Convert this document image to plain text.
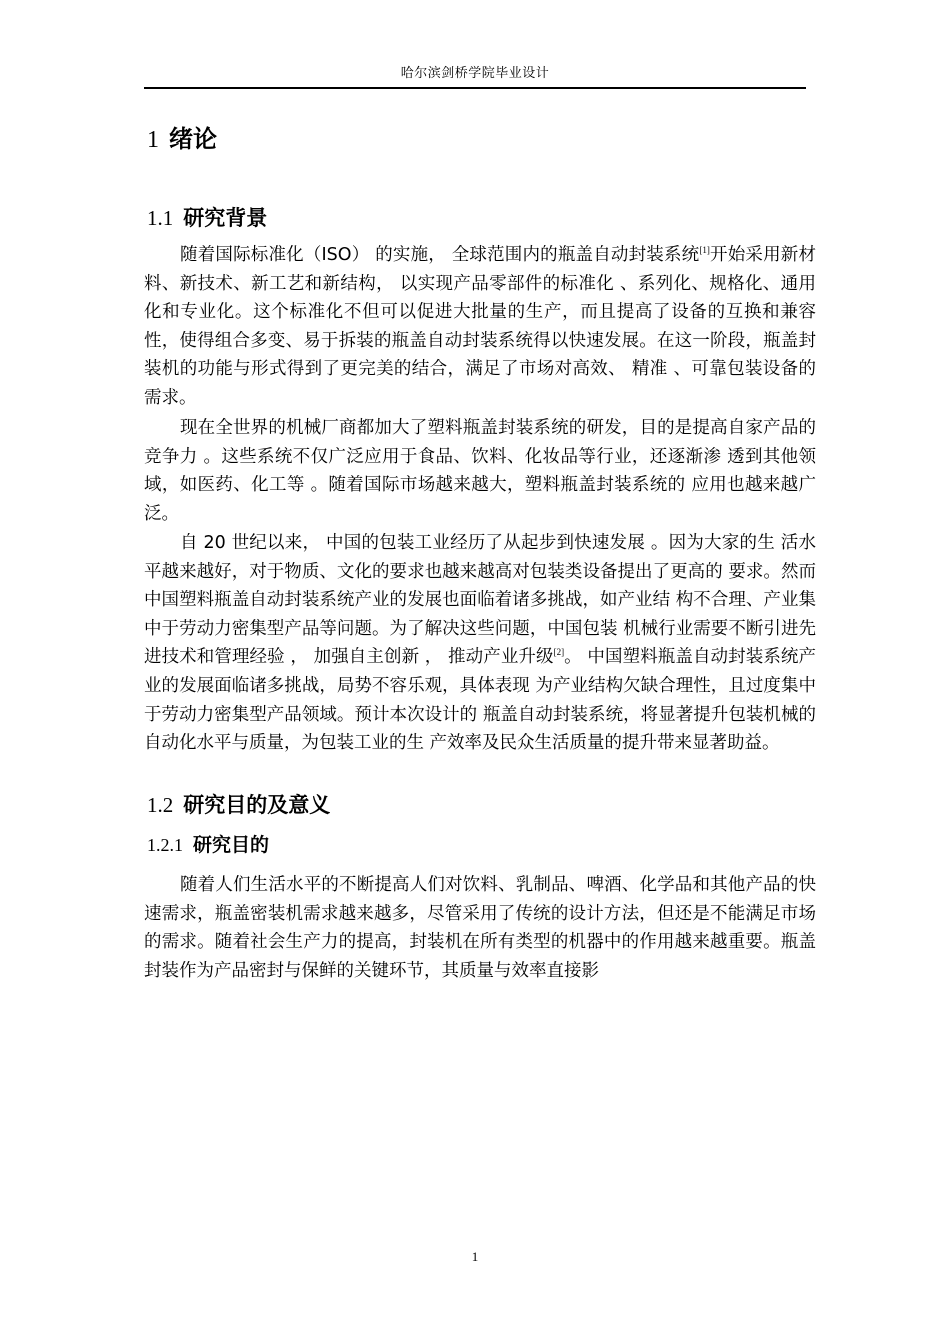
哈尔滨剑桥学院毕业设计
1 绪论
1.1 研究背景

随着国际标准化（ISO） 的实施， 全球范围内的瓶盖自动封装系统[1]开始采用新材料、新技术、新工艺和新结构， 以实现产品零部件的标准化 、系列化、规格化、通用化和专业化。这个标准化不但可以促进大批量的生产，而且提高了设备的互换和兼容性，使得组合多变、易于拆装的瓶盖自动封装系统得以快速发展。在这一阶段，瓶盖封装机的功能与形式得到了更完美的结合，满足了市场对高效、 精准 、可靠包装设备的需求。

现在全世界的机械厂商都加大了塑料瓶盖封装系统的研发，目的是提高自家产品的竞争力 。这些系统不仅广泛应用于食品、饮料、化妆品等行业，还逐渐渗 透到其他领域，如医药、化工等 。随着国际市场越来越大，塑料瓶盖封装系统的 应用也越来越广泛。

自 20 世纪以来， 中国的包装工业经历了从起步到快速发展 。因为大家的生 活水平越来越好，对于物质、文化的要求也越来越高对包装类设备提出了更高的 要求。然而中国塑料瓶盖自动封装系统产业的发展也面临着诸多挑战，如产业结 构不合理、产业集中于劳动力密集型产品等问题。为了解决这些问题，中国包装 机械行业需要不断引进先进技术和管理经验 ， 加强自主创新 ， 推动产业升级[2]。 中国塑料瓶盖自动封装系统产业的发展面临诸多挑战，局势不容乐观，具体表现 为产业结构欠缺合理性，且过度集中于劳动力密集型产品领域。预计本次设计的 瓶盖自动封装系统，将显著提升包装机械的自动化水平与质量，为包装工业的生 产效率及民众生活质量的提升带来显著助益。

1.2 研究目的及意义
1.2.1 研究目的

随着人们生活水平的不断提高人们对饮料、乳制品、啤酒、化学品和其他产品的快速需求，瓶盖密装机需求越来越多，尽管采用了传统的设计方法，但还是不能满足市场的需求。随着社会生产力的提高，封装机在所有类型的机器中的作用越来越重要。瓶盖封装作为产品密封与保鲜的关键环节，其质量与效率直接影

1
